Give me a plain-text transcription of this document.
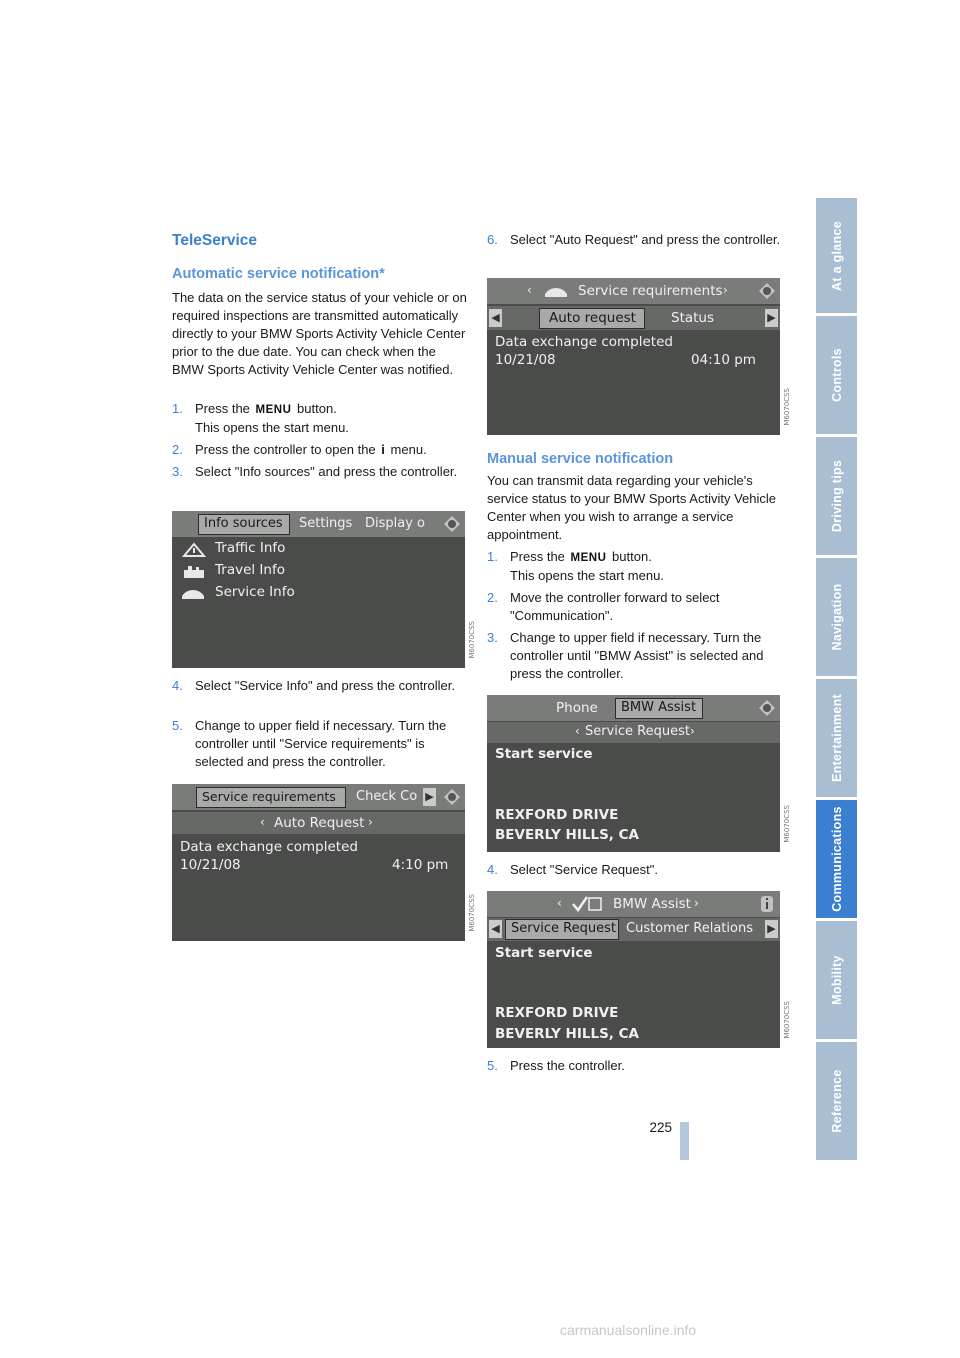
TeleService
Automatic service notification*

The data on the service status of your vehicle or on required inspections are transmitted automatically directly to your BMW Sports Activity Vehicle Center prior to the due date. You can check when the BMW Sports Activity Vehicle Center was notified.

1. Press the MENU button.
This opens the start menu.
2. Press the controller to open the i menu.
3. Select "Info sources" and press the controller.
Info sources Settings Display o
Traffic Info
Travel Info
Service Info
M6070CSS
4. Select "Service Info" and press the controller.
5. Change to upper field if necessary. Turn the controller until "Service requirements" is selected and press the controller.
Service requirements Check Co ▶
‹ Auto Request ›
Data exchange completed
10/21/08	4:10 pm
M6070CSS
6. Select "Auto Request" and press the controller.
‹	Service requirements ›
◀	Auto request	Status	▶
Data exchange completed
10/21/08	04:10 pm
M6070CSS
Manual service notification

You can transmit data regarding your vehicle's service status to your BMW Sports Activity Vehicle Center when you wish to arrange a service appointment.

1. Press the MENU button.
This opens the start menu.
2. Move the controller forward to select "Communication".
3. Change to upper field if necessary. Turn the controller until "BMW Assist" is selected and press the controller.
Phone BMW Assist
‹ Service Request ›
Start service
REXFORD DRIVE
BEVERLY HILLS, CA	M6070CSS
4. Select "Service Request".
‹	BMW Assist ›
◀ Service Request Customer Relations ▶
Start service
REXFORD DRIVE
BEVERLY HILLS, CA	M6070CSS
5. Press the controller.
At a glance
Controls
Driving tips
Navigation
Entertainment
Communications
Mobility
Reference
225
carmanualsonline.info
